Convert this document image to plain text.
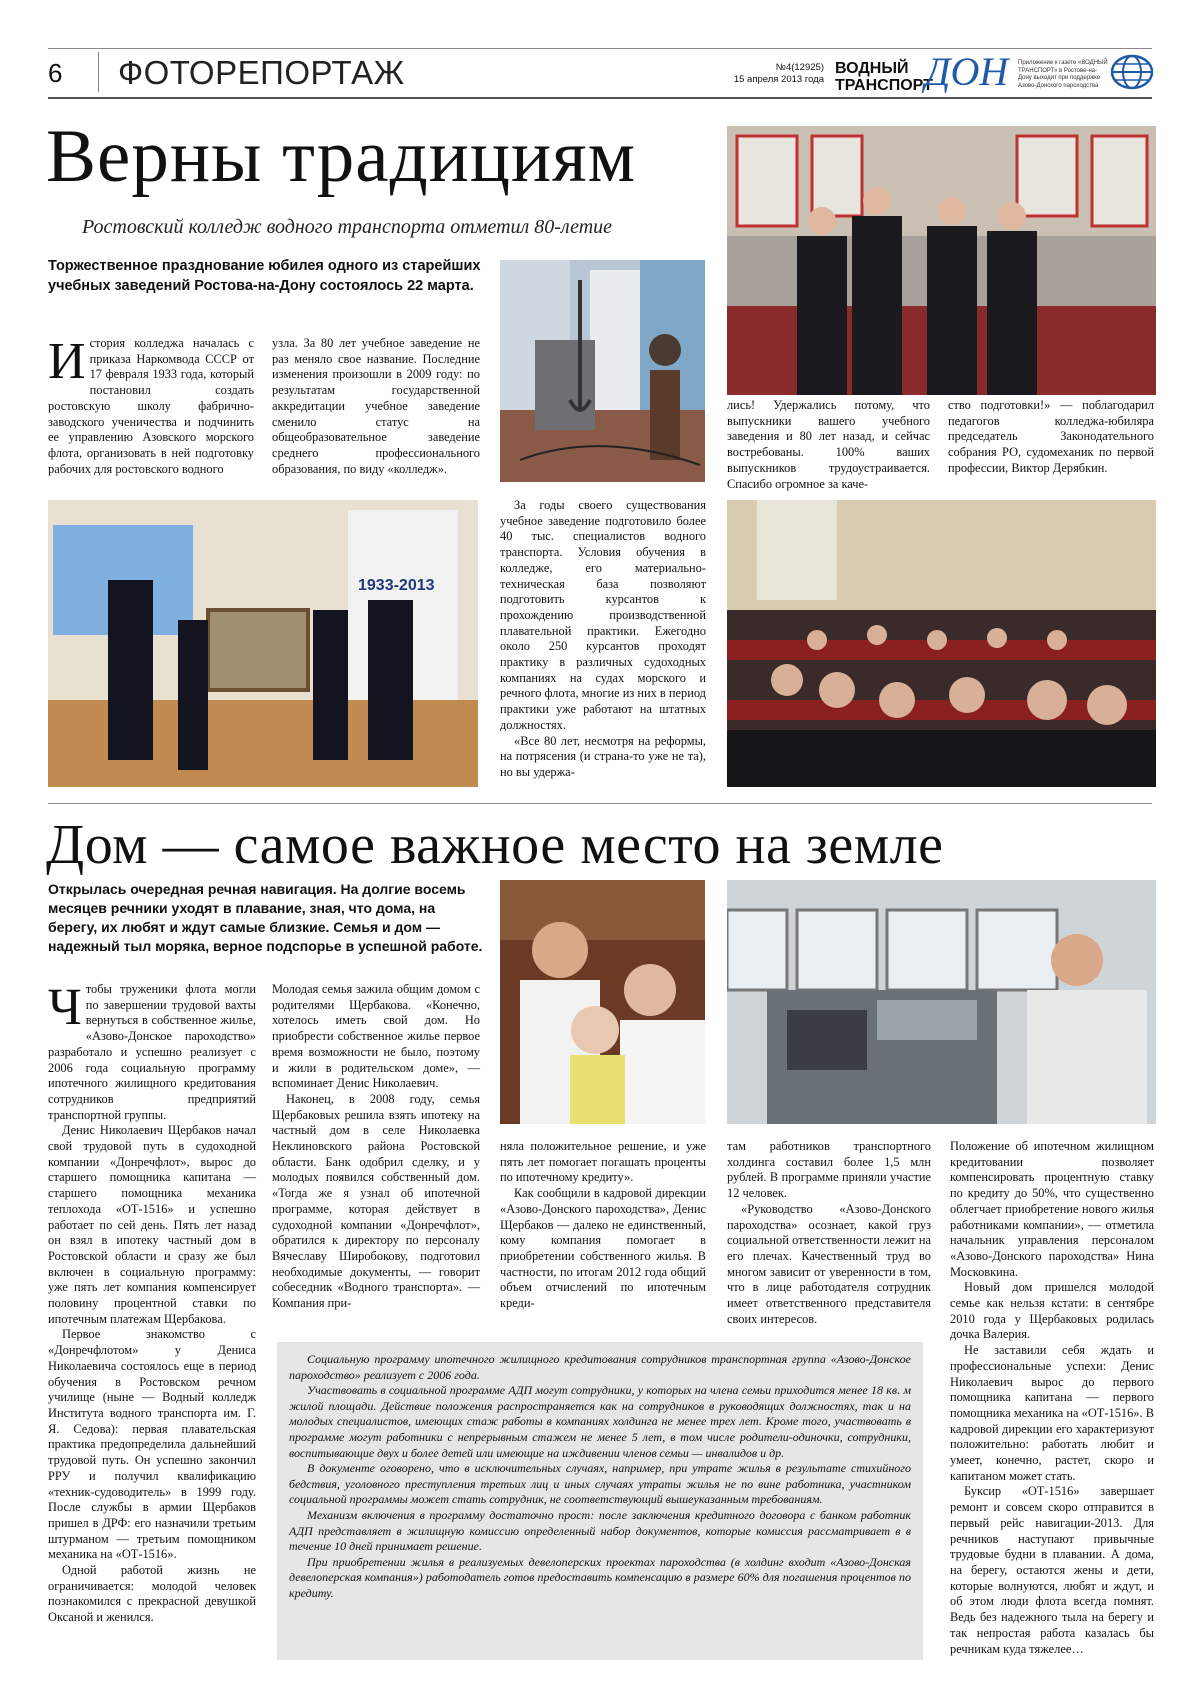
6 ФОТОРЕПОРТАЖ	№4(12925)
15 апреля 2013 года
ВОДНЫЙ
ТРАНСПОРТ
ДОН Приложение к газете «ВОДНЫЙ ТРАНСПОРТ» в Ростове-на-Дону выходит при поддержке Азово-Донского пароходства
Верны традициям
Ростовский колледж водного транспорта отметил 80-летие
Торжественное празднование юбилея одного из старейших учебных заведений Ростова-на-Дону состоялось 22 марта.
И стория колледжа началась с приказа Наркомвода СССР от 17 февраля 1933 года, который постановил создать ростовскую школу фабрично-заводского ученичества и подчинить ее управлению Азовского морского флота, организовать в ней подготовку рабочих для ростовского водного

узла. За 80 лет учебное заведение не раз меняло свое название. Последние изменения произошли в 2009 году: по результатам государственной аккредитации учебное заведение сменило статус на общеобразовательное заведение среднего профессионального образования, по виду «колледж».

лись! Удержались потому, что выпускники вашего учебного заведения и 80 лет назад, и сейчас востребованы. 100% ваших выпускников трудоустраивается. Спасибо огромное за каче-

ство подготовки!» — поблагодарил педагогов колледжа-юбиляра председатель Законодательного собрания РО, судомеханик по первой профессии, Виктор Дерябкин.

1933-2013

За годы своего существования учебное заведение подготовило более 40 тыс. специалистов водного транспорта. Условия обучения в колледже, его материально-техническая база позволяют подготовить курсантов к прохождению производственной плавательной практики. Ежегодно около 250 курсантов проходят практику в различных судоходных компаниях на судах морского и речного флота, многие из них в период практики уже работают на штатных должностях.

«Все 80 лет, несмотря на реформы, на потрясения (и страна-то уже не та), но вы удержа-

Дом — самое важное место на земле
Открылась очередная речная навигация. На долгие восемь месяцев речники уходят в плавание, зная, что дома, на берегу, их любят и ждут самые близкие. Семья и дом — надежный тыл моряка, верное подспорье в успешной работе.
Ч тобы труженики флота могли по завершении трудовой вахты вернуться в собственное жилье, «Азово-Донское пароходство» разработало и успешно реализует с 2006 года социальную программу ипотечного жилищного кредитования сотрудников предприятий транспортной группы.

Денис Николаевич Щербаков начал свой трудовой путь в судоходной компании «Донречфлот», вырос до старшего помощника капитана — старшего помощника механика теплохода «ОТ-1516» и успешно работает по сей день. Пять лет назад он взял в ипотеку частный дом в Ростовской области и сразу же был включен в социальную программу: уже пять лет компания компенсирует половину процентной ставки по ипотечным платежам Щербакова.

Первое знакомство с «Донречфлотом» у Дениса Николаевича состоялось еще в период обучения в Ростовском речном училище (ныне — Водный колледж Института водного транспорта им. Г. Я. Седова): первая плавательская практика предопределила дальнейший трудовой путь. Он успешно закончил РРУ и получил квалификацию «техник-судоводитель» в 1999 году. После службы в армии Щербаков пришел в ДРФ: его назначили третьим штурманом — третьим помощником механика на «ОТ-1516».

Одной работой жизнь не ограничивается: молодой человек познакомился с прекрасной девушкой Оксаной и женился.

Молодая семья зажила общим домом с родителями Щербакова. «Конечно, хотелось иметь свой дом. Но приобрести собственное жилье первое время возможности не было, поэтому и жили в родительском доме», — вспоминает Денис Николаевич.

Наконец, в 2008 году, семья Щербаковых решила взять ипотеку на частный дом в селе Николаевка Неклиновского района Ростовской области. Банк одобрил сделку, и у молодых появился собственный дом. «Тогда же я узнал об ипотечной программе, которая действует в судоходной компании «Донречфлот», обратился к директору по персоналу Вячеславу Широбокову, подготовил необходимые документы, — говорит собеседник «Водного транспорта». — Компания при-

няла положительное решение, и уже пять лет помогает погашать проценты по ипотечному кредиту».

Как сообщили в кадровой дирекции «Азово-Донского пароходства», Денис Щербаков — далеко не единственный, кому компания помогает в приобретении собственного жилья. В частности, по итогам 2012 года общий объем отчислений по ипотечным креди-

там работников транспортного холдинга составил более 1,5 млн рублей. В программе приняли участие 12 человек.

«Руководство «Азово-Донского пароходства» осознает, какой груз социальной ответственности лежит на его плечах. Качественный труд во многом зависит от уверенности в том, что в лице работодателя сотрудник имеет ответственного представителя своих интересов.

Положение об ипотечном жилищном кредитовании позволяет компенсировать процентную ставку по кредиту до 50%, что существенно облегчает приобретение нового жилья работниками компании», — отметила начальник управления персоналом «Азово-Донского пароходства» Нина Московкина.

Новый дом пришелся молодой семье как нельзя кстати: в сентябре 2010 года у Щербаковых родилась дочка Валерия.

Не заставили себя ждать и профессиональные успехи: Денис Николаевич вырос до первого помощника капитана — первого помощника механика на «ОТ-1516». В кадровой дирекции его характеризуют положительно: работать любит и умеет, конечно, растет, скоро и капитаном может стать.

Буксир «ОТ-1516» завершает ремонт и совсем скоро отправится в первый рейс навигации-2013. Для речников наступают привычные трудовые будни в плавании. А дома, на берегу, остаются жены и дети, которые волнуются, любят и ждут, и об этом люди флота всегда помнят. Ведь без надежного тыла на берегу и так непростая работа казалась бы речникам куда тяжелее…

Социальную программу ипотечного жилищного кредитования сотрудников транспортная группа «Азово-Донское пароходство» реализует с 2006 года.

Участвовать в социальной программе АДП могут сотрудники, у которых на члена семьи приходится менее 18 кв. м жилой площади. Действие положения распространяется как на сотрудников в руководящих должностях, так и на молодых специалистов, имеющих стаж работы в компаниях холдинга не менее трех лет. Кроме того, участвовать в программе могут работники с непрерывным стажем не менее 5 лет, в том числе родители-одиночки, сотрудники, воспитывающие двух и более детей или имеющие на иждивении членов семьи — инвалидов и др.

В документе оговорено, что в исключительных случаях, например, при утрате жилья в результате стихийного бедствия, уголовного преступления третьих лиц и иных случаях утраты жилья не по вине работника, участником социальной программы может стать сотрудник, не соответствующий вышеуказанным требованиям.

Механизм включения в программу достаточно прост: после заключения кредитного договора с банком работник АДП представляет в жилищную комиссию определенный набор документов, которые комиссия рассматривает в в течение 10 дней принимает решение.

При приобретении жилья в реализуемых девелоперских проектах пароходства (в холдинг входит «Азово-Донская девелоперская компания») работодатель готов предоставить компенсацию в размере 60% для погашения процентов по кредиту.
